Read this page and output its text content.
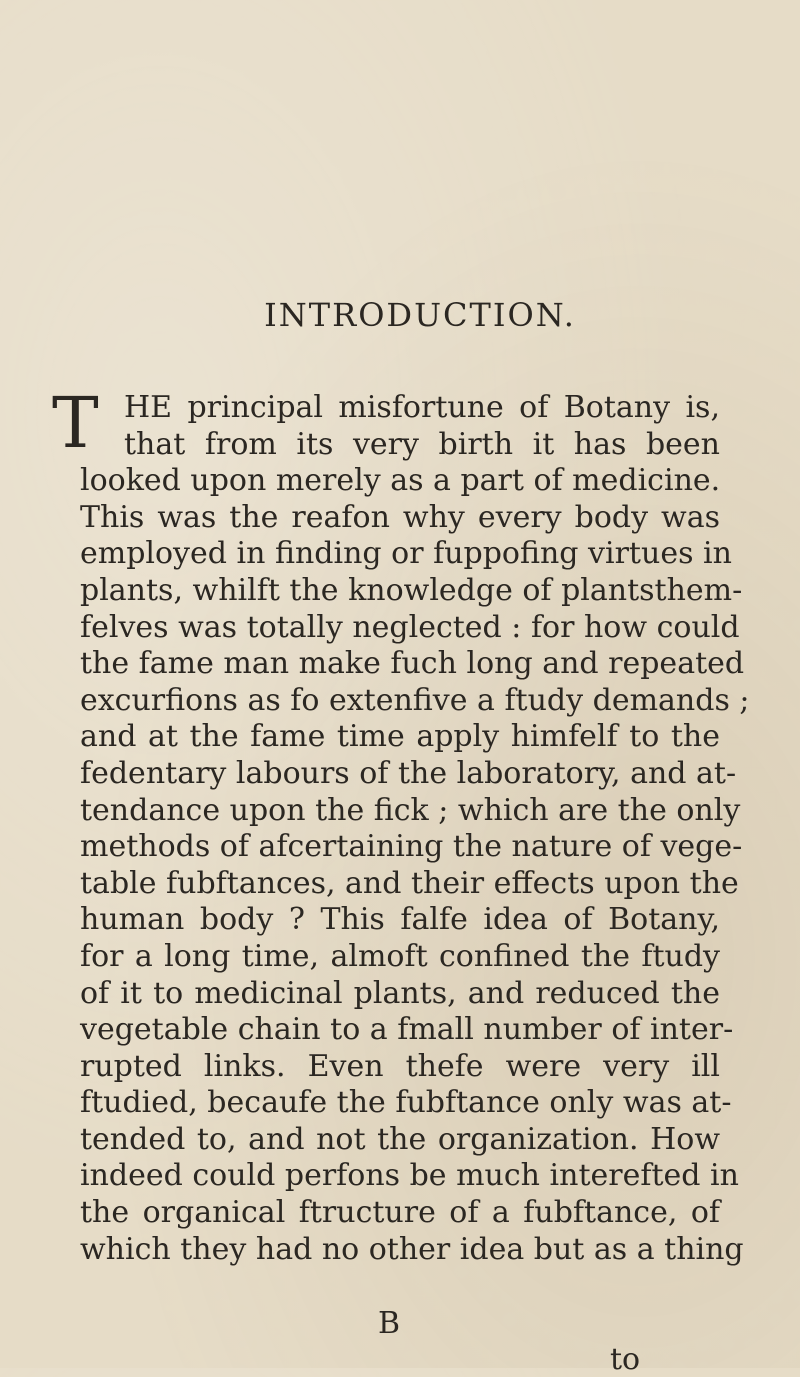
INTRODUCTION.
T HE principal misfortune of Botany is,
that from its very birth it has been
looked upon merely as a part of medicine.
This was the reafon why every body was
employed in finding or fuppofing virtues in
plants, whilft the knowledge of plantsthem-
felves was totally neglected : for how could
the fame man make fuch long and repeated
excurfions as fo extenfive a ftudy demands ;
and at the fame time apply himfelf to the
fedentary labours of the laboratory, and at-
tendance upon the fick ; which are the only
methods of afcertaining the nature of vege-
table fubftances, and their effects upon the
human body ? This falfe idea of Botany,
for a long time, almoft confined the ftudy
of it to medicinal plants, and reduced the
vegetable chain to a fmall number of inter-
rupted links. Even thefe were very ill
ftudied, becaufe the fubftance only was at-
tended to, and not the organization. How
indeed could perfons be much interefted in
the organical ftructure of a fubftance, of
which they had no other idea but as a thing
B
to
